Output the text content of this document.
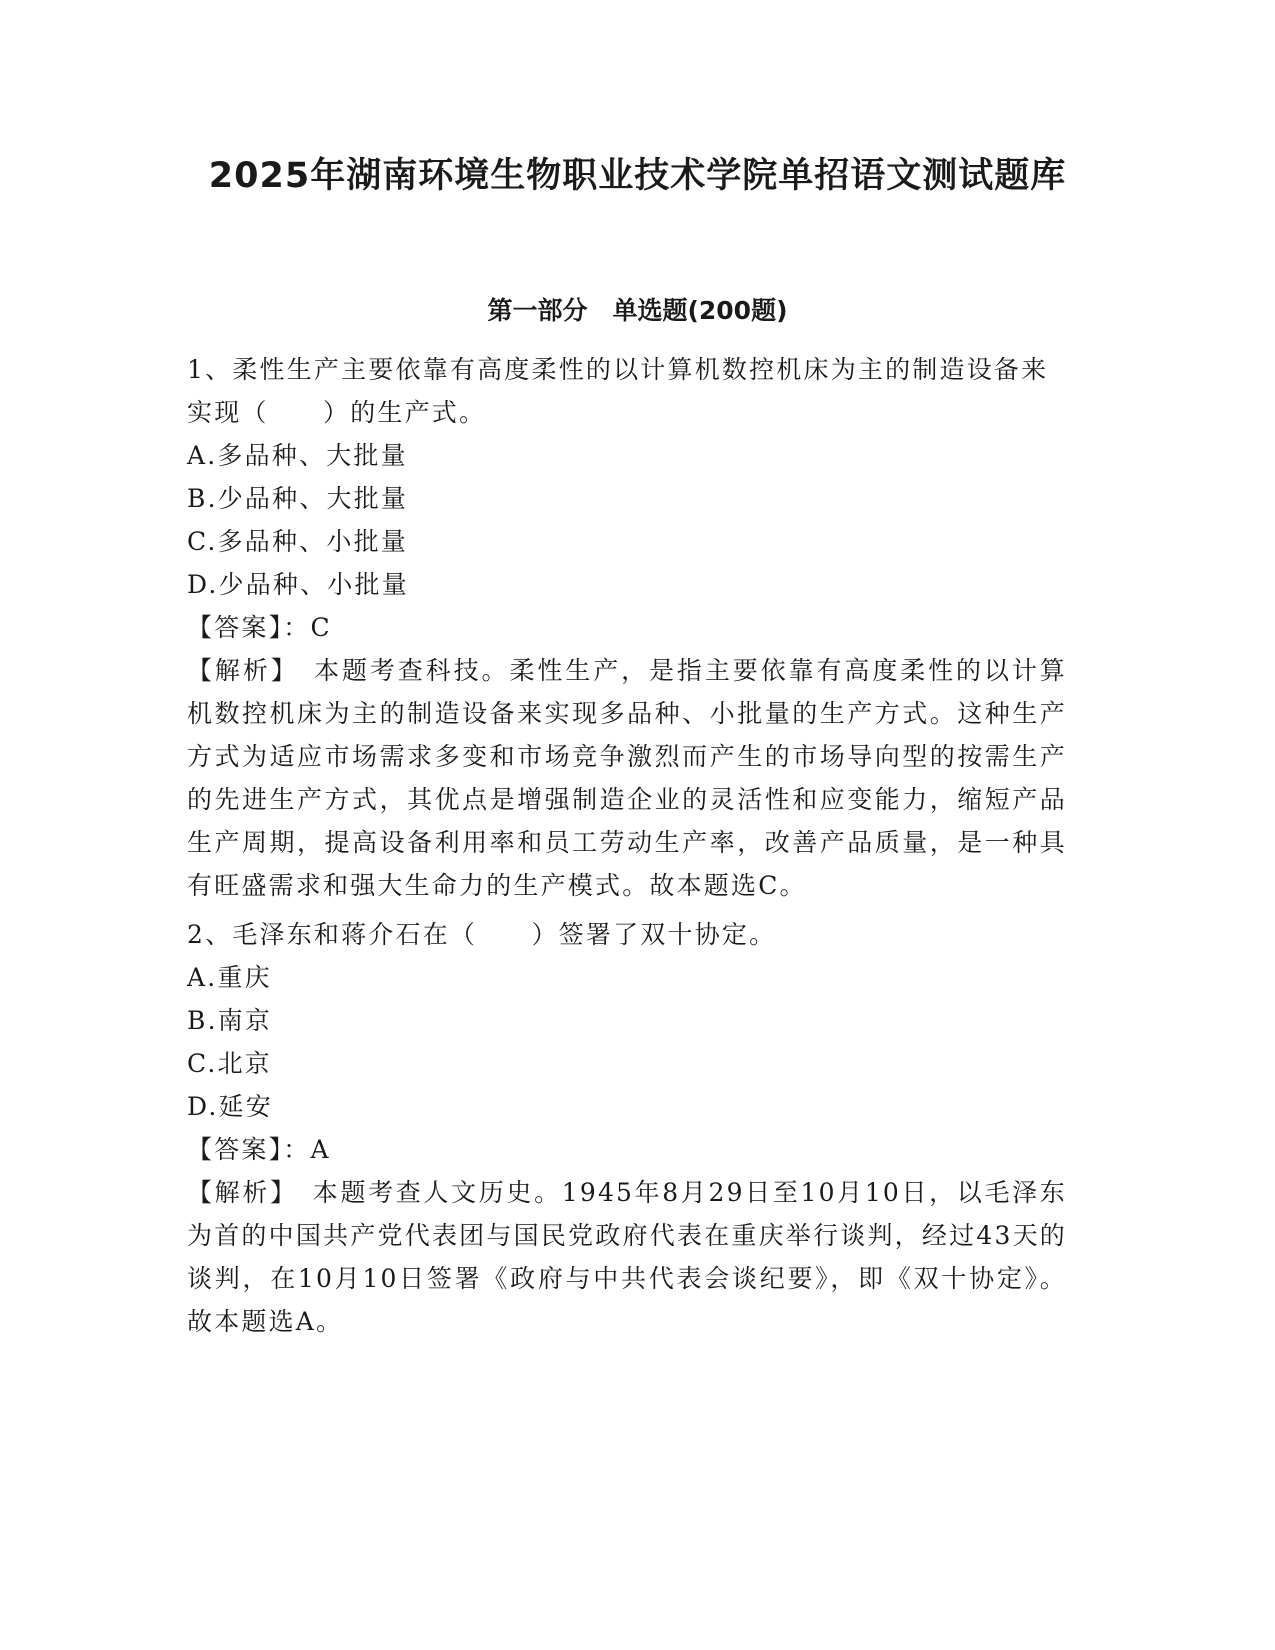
2025年湖南环境生物职业技术学院单招语文测试题库
第一部分　单选题(200题)

1、柔性生产主要依靠有高度柔性的以计算机数控机床为主的制造设备来实现（　　）的生产式。

A.多品种、大批量

B.少品种、大批量

C.多品种、小批量

D.少品种、小批量

【答案】：C

【解析】　本题考查科技。柔性生产，是指主要依靠有高度柔性的以计算机数控机床为主的制造设备来实现多品种、小批量的生产方式。这种生产方式为适应市场需求多变和市场竞争激烈而产生的市场导向型的按需生产的先进生产方式，其优点是增强制造企业的灵活性和应变能力，缩短产品生产周期，提高设备利用率和员工劳动生产率，改善产品质量，是一种具有旺盛需求和强大生命力的生产模式。故本题选C。

2、毛泽东和蒋介石在（　　）签署了双十协定。

A.重庆

B.南京

C.北京

D.延安

【答案】：A

【解析】　本题考查人文历史。1945年8月29日至10月10日，以毛泽东为首的中国共产党代表团与国民党政府代表在重庆举行谈判，经过43天的谈判，在10月10日签署《政府与中共代表会谈纪要》，即《双十协定》。故本题选A。
